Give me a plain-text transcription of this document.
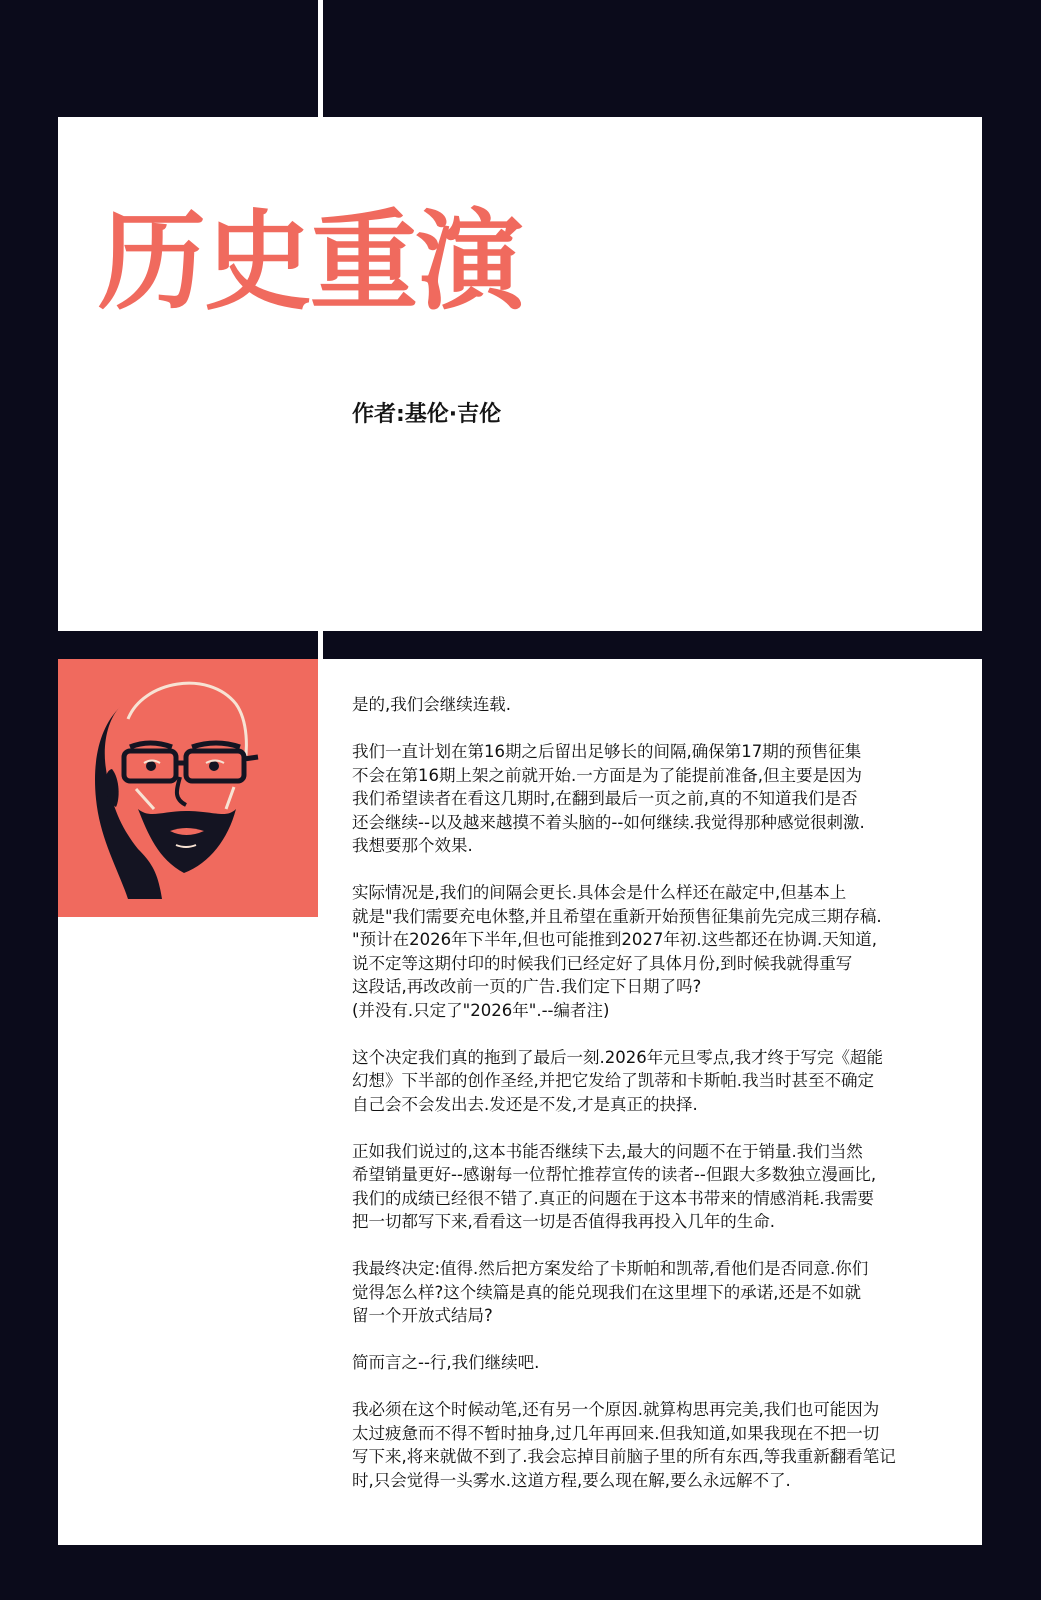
历史重演
作者:基伦·吉伦

是的,我们会继续连载.

我们一直计划在第16期之后留出足够长的间隔,确保第17期的预售征集
不会在第16期上架之前就开始.一方面是为了能提前准备,但主要是因为
我们希望读者在看这几期时,在翻到最后一页之前,真的不知道我们是否
还会继续--以及越来越摸不着头脑的--如何继续.我觉得那种感觉很刺激.
我想要那个效果.

实际情况是,我们的间隔会更长.具体会是什么样还在敲定中,但基本上
就是"我们需要充电休整,并且希望在重新开始预售征集前先完成三期存稿.
"预计在2026年下半年,但也可能推到2027年初.这些都还在协调.天知道,
说不定等这期付印的时候我们已经定好了具体月份,到时候我就得重写
这段话,再改改前一页的广告.我们定下日期了吗?
(并没有.只定了"2026年".--编者注)

这个决定我们真的拖到了最后一刻.2026年元旦零点,我才终于写完《超能
幻想》下半部的创作圣经,并把它发给了凯蒂和卡斯帕.我当时甚至不确定
自己会不会发出去.发还是不发,才是真正的抉择.

正如我们说过的,这本书能否继续下去,最大的问题不在于销量.我们当然
希望销量更好--感谢每一位帮忙推荐宣传的读者--但跟大多数独立漫画比,
我们的成绩已经很不错了.真正的问题在于这本书带来的情感消耗.我需要
把一切都写下来,看看这一切是否值得我再投入几年的生命.

我最终决定:值得.然后把方案发给了卡斯帕和凯蒂,看他们是否同意.你们
觉得怎么样?这个续篇是真的能兑现我们在这里埋下的承诺,还是不如就
留一个开放式结局?

简而言之--行,我们继续吧.

我必须在这个时候动笔,还有另一个原因.就算构思再完美,我们也可能因为
太过疲惫而不得不暂时抽身,过几年再回来.但我知道,如果我现在不把一切
写下来,将来就做不到了.我会忘掉目前脑子里的所有东西,等我重新翻看笔记
时,只会觉得一头雾水.这道方程,要么现在解,要么永远解不了.
